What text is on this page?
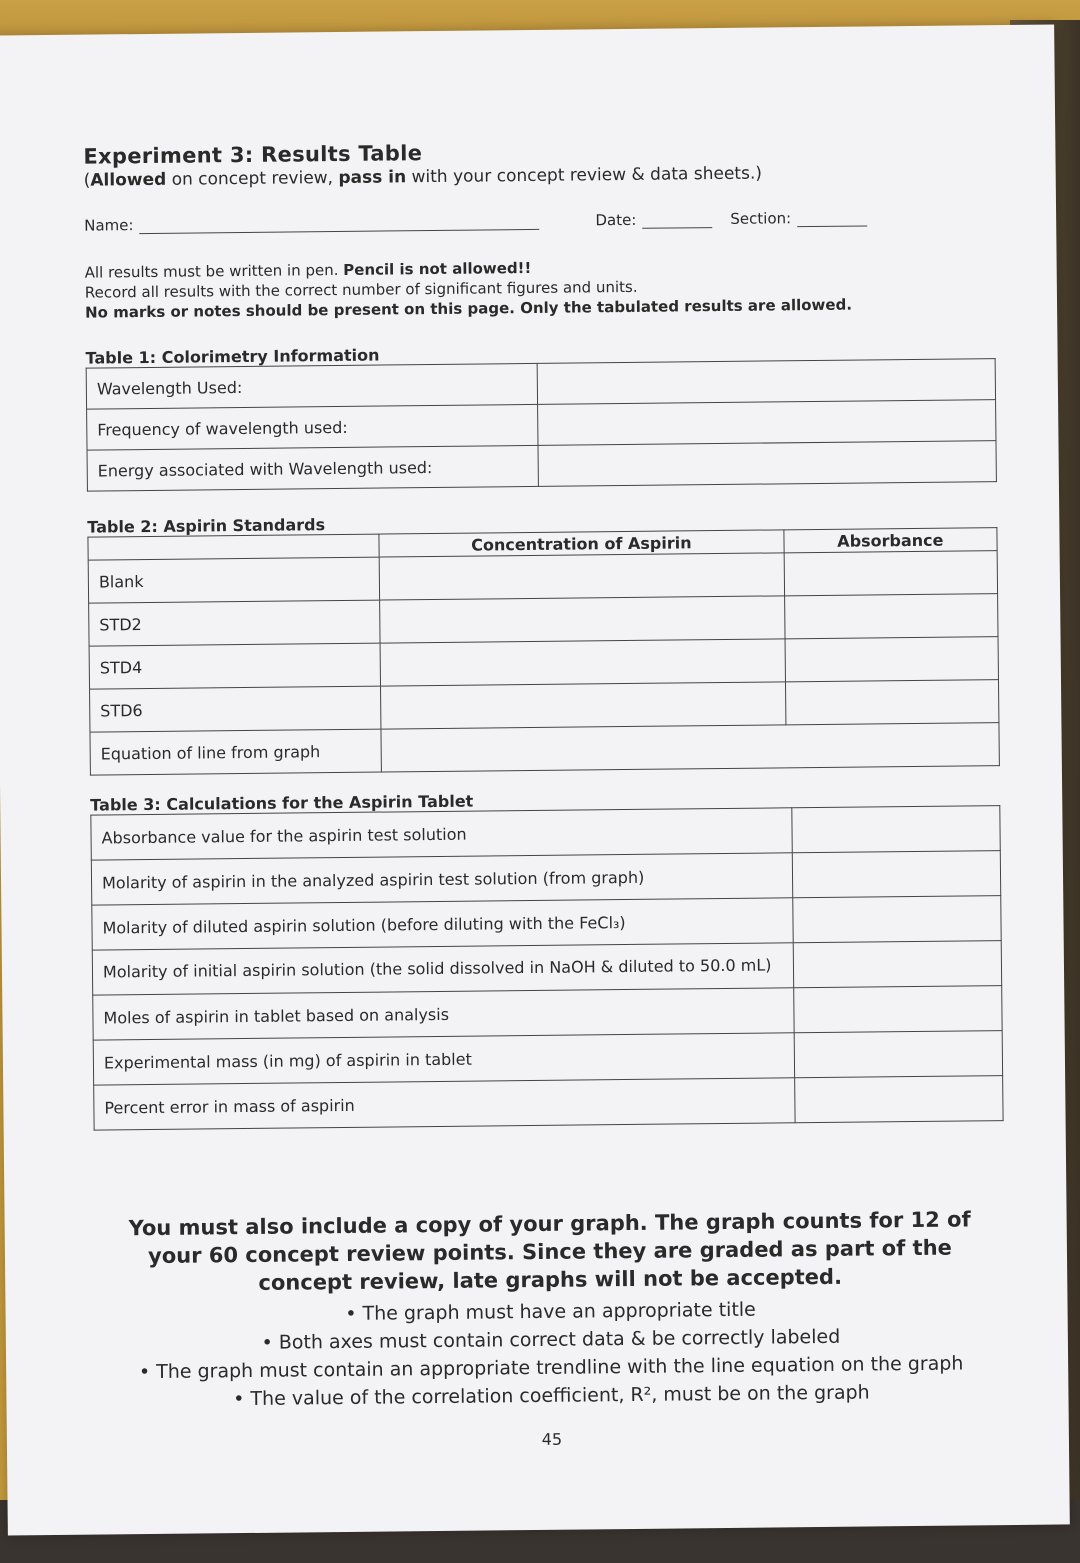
Experiment 3: Results Table

(Allowed on concept review, pass in with your concept review & data sheets.)

Name:	Date:	Section:

All results must be written in pen. Pencil is not allowed!!

Record all results with the correct number of significant figures and units.

No marks or notes should be present on this page. Only the tabulated results are allowed.

Table 1: Colorimetry Information

Wavelength Used:	
Frequency of wavelength used:	
Energy associated with Wavelength used:	

Table 2: Aspirin Standards

	Concentration of Aspirin	Absorbance
Blank		
STD2		
STD4		
STD6		
Equation of line from graph		

Table 3: Calculations for the Aspirin Tablet

Absorbance value for the aspirin test solution	
Molarity of aspirin in the analyzed aspirin test solution (from graph)	
Molarity of diluted aspirin solution (before diluting with the FeCl₃)	
Molarity of initial aspirin solution (the solid dissolved in NaOH & diluted to 50.0 mL)	
Moles of aspirin in tablet based on analysis	
Experimental mass (in mg) of aspirin in tablet	
Percent error in mass of aspirin	

You must also include a copy of your graph. The graph counts for 12 of your 60 concept review points. Since they are graded as part of the concept review, late graphs will not be accepted.

• The graph must have an appropriate title
• Both axes must contain correct data & be correctly labeled
• The graph must contain an appropriate trendline with the line equation on the graph
• The value of the correlation coefficient, R², must be on the graph
45
